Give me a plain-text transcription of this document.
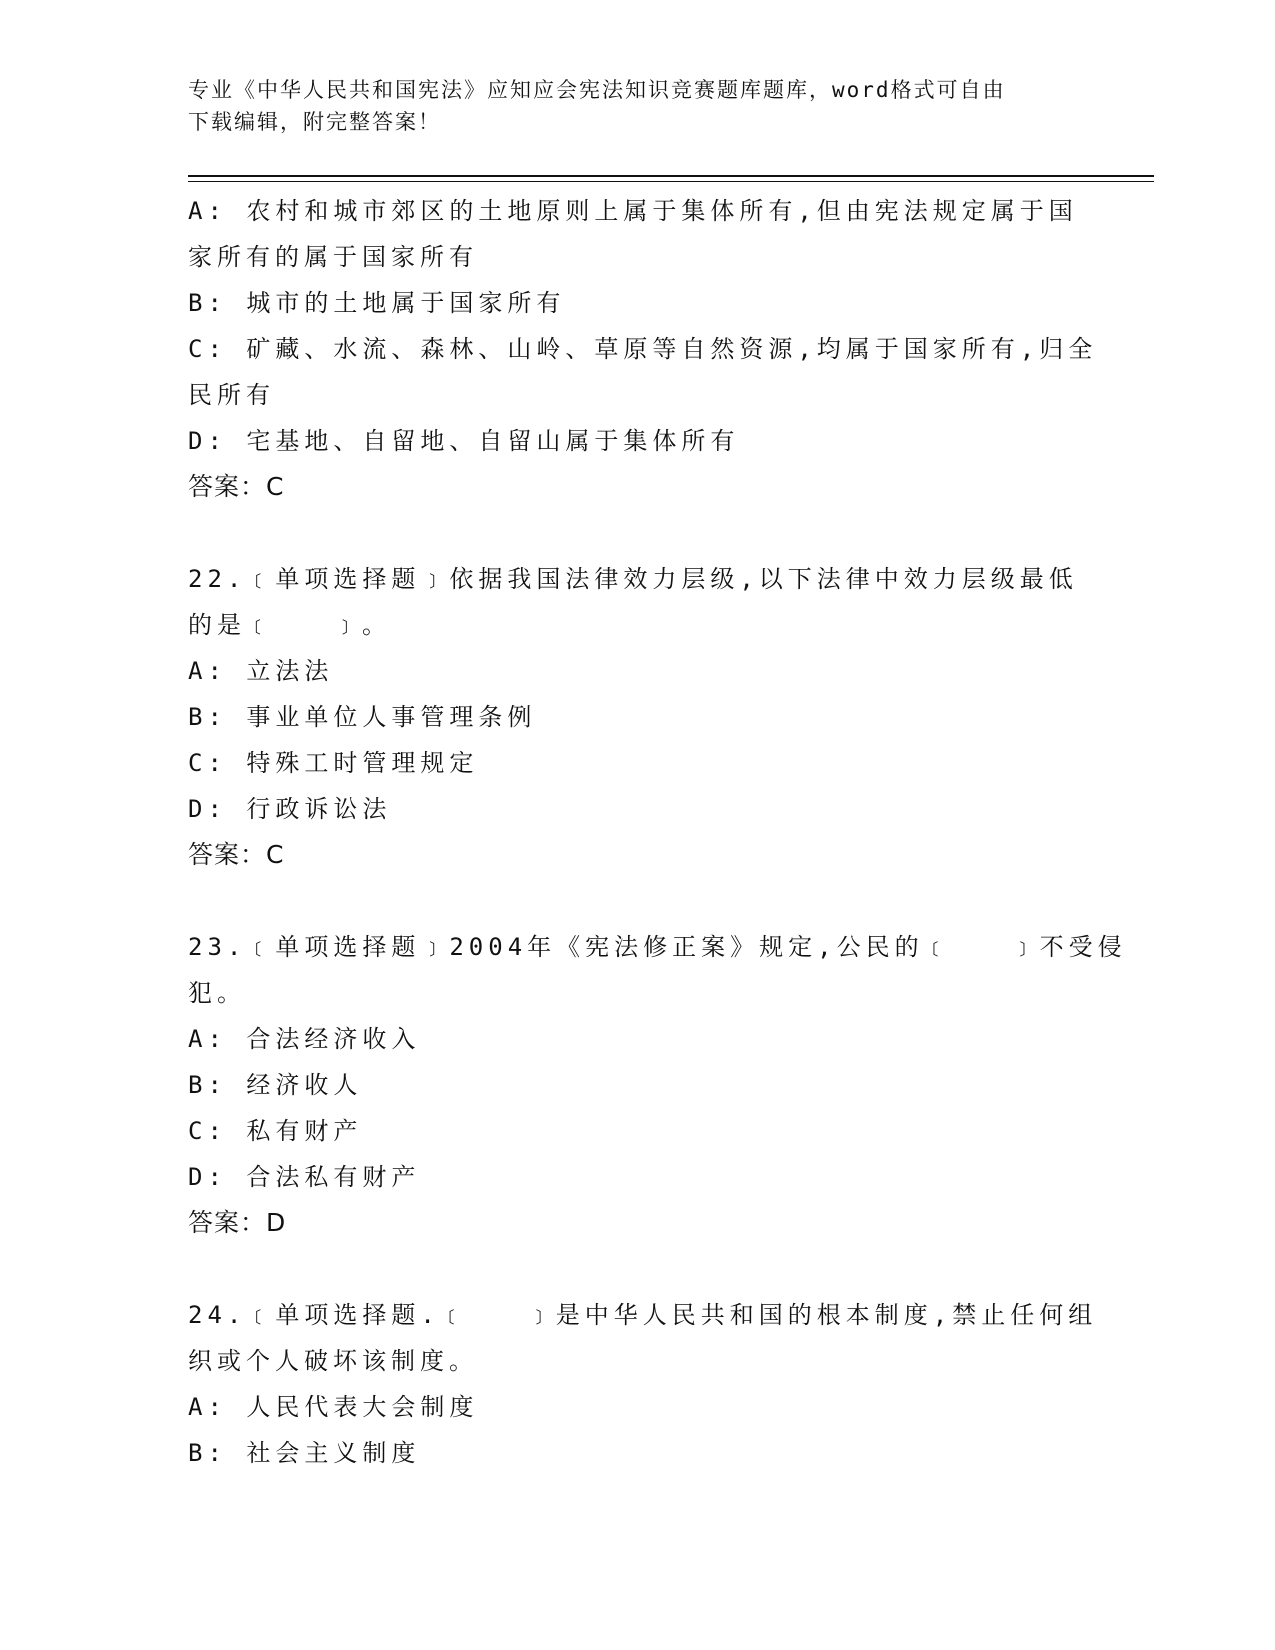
专业《中华人民共和国宪法》应知应会宪法知识竞赛题库题库，word格式可自由
下载编辑，附完整答案！
A: 农村和城市郊区的土地原则上属于集体所有,但由宪法规定属于国
家所有的属于国家所有
B: 城市的土地属于国家所有
C: 矿藏、水流、森林、山岭、草原等自然资源,均属于国家所有,归全
民所有
D: 宅基地、自留地、自留山属于集体所有
答案：C
22.﹝单项选择题﹞依据我国法律效力层级,以下法律中效力层级最低
的是﹝　　﹞。
A: 立法法
B: 事业单位人事管理条例
C: 特殊工时管理规定
D: 行政诉讼法
答案：C
23.﹝单项选择题﹞2004年《宪法修正案》规定,公民的﹝　　﹞不受侵
犯。
A: 合法经济收入
B: 经济收人
C: 私有财产
D: 合法私有财产
答案：D
24.﹝单项选择题.﹝　　﹞是中华人民共和国的根本制度,禁止任何组
织或个人破坏该制度。
A: 人民代表大会制度
B: 社会主义制度
